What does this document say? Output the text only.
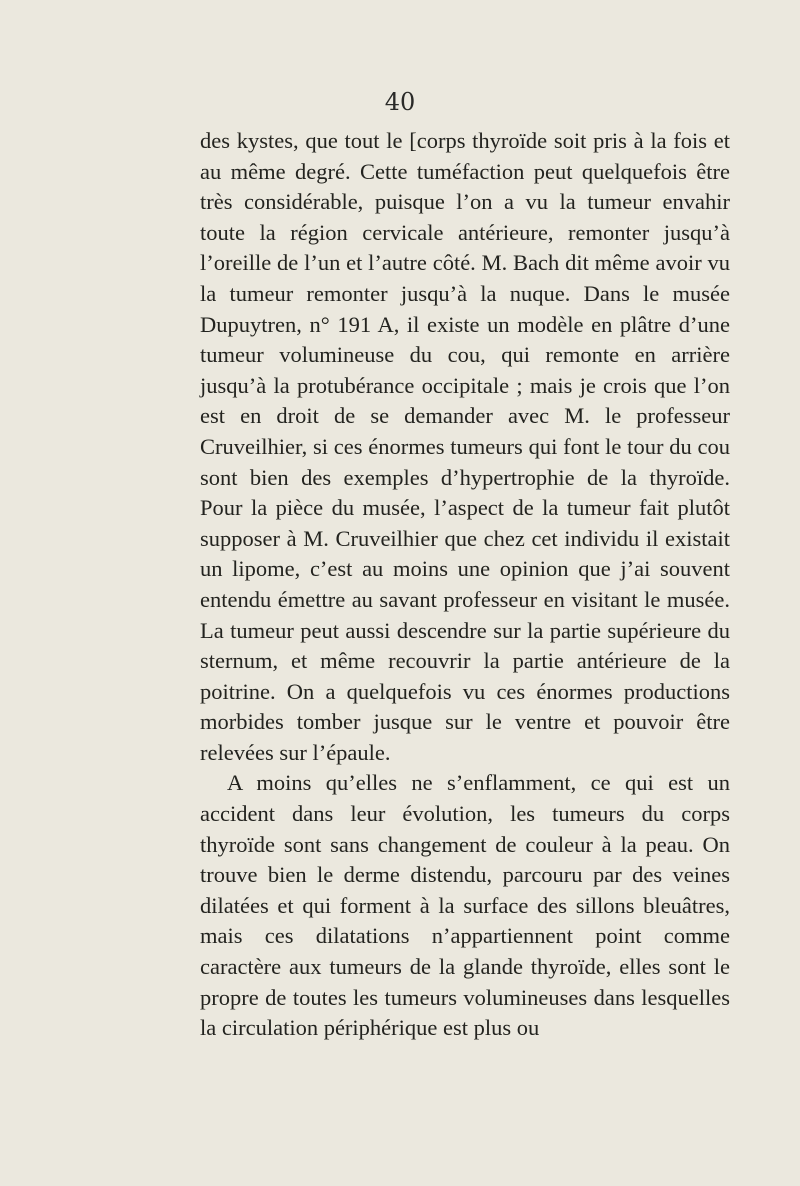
40

des kystes, que tout le [corps thyroïde soit pris à la fois et au même degré. Cette tuméfaction peut quelquefois être très considérable, puisque l’on a vu la tumeur envahir toute la région cervicale antérieure, remonter jusqu’à l’oreille de l’un et l’autre côté. M. Bach dit même avoir vu la tumeur remonter jusqu’à la nuque. Dans le musée Dupuytren, n° 191 A, il existe un modèle en plâtre d’une tumeur volumineuse du cou, qui remonte en arrière jusqu’à la protubérance occipitale ; mais je crois que l’on est en droit de se demander avec M. le professeur Cruveilhier, si ces énormes tumeurs qui font le tour du cou sont bien des exemples d’hypertrophie de la thyroïde. Pour la pièce du musée, l’aspect de la tumeur fait plutôt supposer à M. Cruveilhier que chez cet individu il existait un lipome, c’est au moins une opinion que j’ai souvent entendu émettre au savant professeur en visitant le musée. La tumeur peut aussi descendre sur la partie supérieure du sternum, et même recouvrir la partie antérieure de la poitrine. On a quelquefois vu ces énormes productions morbides tomber jusque sur le ventre et pouvoir être relevées sur l’épaule.

A moins qu’elles ne s’enflamment, ce qui est un accident dans leur évolution, les tumeurs du corps thyroïde sont sans changement de couleur à la peau. On trouve bien le derme distendu, parcouru par des veines dilatées et qui forment à la surface des sillons bleuâtres, mais ces dilatations n’appartiennent point comme caractère aux tumeurs de la glande thyroïde, elles sont le propre de toutes les tumeurs volumineuses dans lesquelles la circulation périphérique est plus ou
